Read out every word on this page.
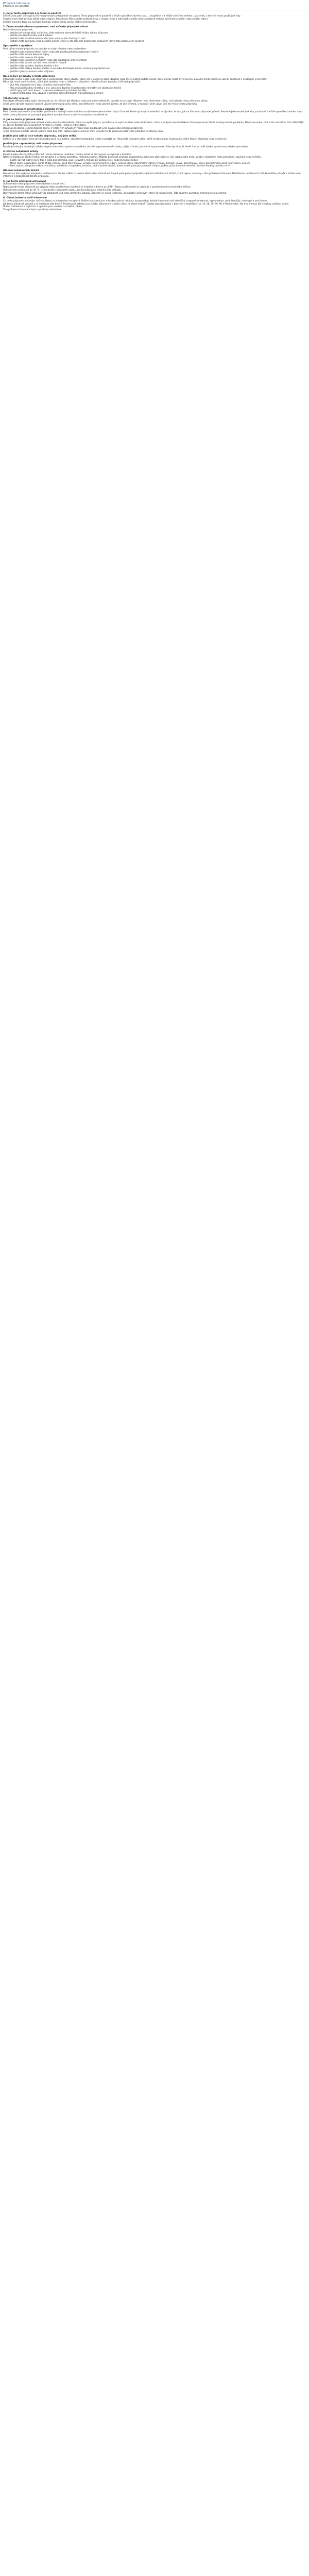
Příbalová informace

Informace pro uživatele

1. Co je tento přípravek a k čemu se používá

Léčivá látka patří do skupiny léčiv nazývaných antagonisté receptorů. Tento přípravek se používá k léčbě vysokého krevního tlaku u dospělých a k léčbě srdečního selhání u pacientů, u kterých nelze použít jiné léky.

Vysoký krevní tlak zvyšuje zátěž srdce a tepen. Pokud není léčen, může poškodit cévy v mozku, srdci a ledvinách a může vést k mozkové mrtvici, srdečnímu selhání nebo selhání ledvin.

Snížení krevního tlaku na normální hodnoty snižuje riziko vzniku těchto onemocnění.

2. Čemu musíte věnovat pozornost, než začnete přípravek užívat

Neužívejte tento přípravek:

– jestliže jste alergický(á) na léčivou látku nebo na kteroukoli další složku tohoto přípravku
– jestliže jste těhotná déle než 3 měsíce
– jestliže máte závažné onemocnění jater nebo ucpání žlučových cest
– jestliže máte cukrovku nebo poruchu funkce ledvin a jste léčen(a) přípravkem snižujícím krevní tlak obsahujícím aliskiren
Upozornění a opatření

Před užitím tohoto přípravku se poraďte se svým lékařem nebo lékárníkem:

– jestliže trpíte onemocněním ledvin nebo jste podstoupil(a) transplantaci ledviny
– jestliže máte zúžení ledvinné tepny
– jestliže máte onemocnění jater
– jestliže trpíte srdečním selháním nebo jste prodělal(a) srdeční infarkt
– jestliže máte zúžení aortální nebo mitrální chlopně
– jestliže máte vysokou hladinu draslíku v krvi
– jestliže máte nízkou hladinu sodíku v krvi nebo dodržujete dietu s omezeným příjmem soli
– jestliže trpíte zvracením nebo průjmem
Další léčivé přípravky a tento přípravek

Informujte svého lékaře nebo lékárníka o všech lécích, které užíváte, které jste v nedávné době užíval(a) nebo které možná budete užívat. Účinek léčby může být ovlivněn, pokud je tento přípravek užíván současně s některými jinými léky.

Může být nutné změnit dávku, učinit jiná opatření nebo v některých případech ukončit užívání jednoho z léčivých přípravků.

– jiné léky snižující krevní tlak, zejména močopudné léky
– léky zvyšující hladinu draslíku v krvi, jako jsou doplňky draslíku nebo náhražky soli obsahující draslík
– určité typy léků proti bolesti nazývané nesteroidní protizánětlivé léky
– některá antibiotika, léky užívané k ochraně před odmítnutím transplantátu a lithium
Těhotenství a kojení

Pokud jste těhotná nebo kojíte, domníváte se, že můžete být těhotná, nebo plánujete otěhotnět, poraďte se se svým lékařem nebo lékárníkem dříve, než začnete tento přípravek užívat.

Lékař Vám obvykle doporučí ukončit užívání tohoto přípravku dříve, než otěhotníte, nebo jakmile zjistíte, že jste těhotná, a doporučí Vám užívat jiný lék místo tohoto přípravku.

Řízení dopravních prostředků a obsluha strojů

Před řízením dopravních prostředků, používáním nástrojů nebo obsluhou strojů nebo vykonáváním jiných činností, které vyžadují soustředění, se ujistěte, že víte, jak na Vás tento přípravek působí. Podobně jako mnohé jiné léky používané k léčbě vysokého krevního tlaku může tento přípravek ve vzácných případech vyvolat závrať a ovlivnit schopnost soustředit se.

3. Jak se tento přípravek užívá

Vždy užívejte tento přípravek přesně podle pokynů svého lékaře. Pokud si nejste jistý(á), poraďte se se svým lékařem nebo lékárníkem. Lidé s vysokým krevním tlakem často nepozorují žádné známky tohoto problému. Mnozí se mohou cítit zcela normálně. O to důležitější je, abyste dodržoval(a) pravidelné návštěvy u lékaře, i když se cítíte dobře.

Doporučená dávka je jedna tableta denně. V některých případech může lékař předepsat vyšší dávku nebo předepsat další lék.

Tento přípravek můžete užívat s jídlem nebo bez jídla. Tabletu zapijte sklenicí vody. Užívejte tento přípravek každý den přibližně ve stejnou dobu.

Jestliže jste užil(a) více tohoto přípravku, než jste měl(a)

Jestliže se u Vás objeví silná závrať a/nebo pocit na omdlení, okamžitě kontaktujte lékaře a položte se. Pokud jste náhodně užil(a) příliš mnoho tablet, kontaktujte svého lékaře, lékárníka nebo nemocnici.

Jestliže jste zapomněl(a) užít tento přípravek

Nezdvojnásobujte následující dávku, abyste nahradil(a) vynechanou dávku. Jestliže zapomenete užít dávku, užijte ji ihned, jakmile si vzpomenete. Pokud je však již téměř čas na další dávku, vynechanou dávku vynechejte.

4. Možné nežádoucí účinky

Podobně jako všechny léky může mít i tento přípravek nežádoucí účinky, které se ale nemusí vyskytnout u každého.

Některé nežádoucí účinky mohou být závažné a vyžadují okamžitou lékařskou pomoc. Můžete pociťovat příznaky angioedému, jako jsou otok obličeje, rtů, jazyka nebo hrdla, potíže s dýcháním nebo polykáním, kopřivka nebo svědění.

– Časté: závrať, nízký krevní tlak s nebo bez příznaků, jako je závrať a mdloby při postavení se, snížená funkce ledvin
– Méně časté: angioedém, náhlá ztráta vědomí, pocit točení hlavy, výrazně snížená funkce ledvin, svalové křeče, abnormální srdeční rytmus, dušnost, únava, bolest hlavy, kašel, bolest břicha, pocit na zvracení, průjem
– Není známo: alergické reakce s vyrážkou, svěděním a kopřivkou, horečka, otok a bolest kloubů, bolest svalů, příznaky podobné chřipce, pokles počtu krevních destiček, zvýšení hladiny draslíku v krvi
Hlášení nežádoucích účinků

Pokud se u Vás vyskytne kterýkoli z nežádoucích účinků, sdělte to svému lékaři nebo lékárníkovi. Stejně postupujte v případě jakýchkoli nežádoucích účinků, které nejsou uvedeny v této příbalové informaci. Nahlášením nežádoucích účinků můžete přispět k získání více informací o bezpečnosti tohoto přípravku.

5. Jak tento přípravek uchovávat

Uchovávejte tento přípravek mimo dohled a dosah dětí.

Nepoužívejte tento přípravek po uplynutí doby použitelnosti uvedené na krabičce a blistru za „EXP“. Doba použitelnosti se vztahuje k poslednímu dni uvedeného měsíce.

Uchovávejte při teplotě do 30 °C. Uchovávejte v původním obalu, aby byl přípravek chráněn před vlhkostí.

Nevyhazujte žádné léčivé přípravky do odpadních vod nebo domácího odpadu. Zeptejte se svého lékárníka, jak naložit s přípravky, které již nepoužíváte. Tato opatření pomáhají chránit životní prostředí.

6. Obsah balení a další informace

Co tento přípravek obsahuje: Léčivou látkou je antagonista receptorů. Dalšími složkami jsou mikrokrystalická celulosa, krospovidon, koloidní bezvodý oxid křemičitý, magnesium-stearát, hypromelosa, oxid titaničitý, makrogol a oxid železa.

Jak tento přípravek vypadá a co obsahuje toto balení: Potahované tablety jsou kulaté, bikonvexní, s půlicí rýhou na jedné straně. Tablety jsou dodávány v blistrech v krabičkách po 14, 28, 30, 56, 90 a 98 tabletách. Na trhu nemusí být všechny velikosti balení.

Držitel rozhodnutí o registraci a výrobce jsou uvedeni na vnějším obalu.

Tato příbalová informace byla naposledy revidována.
